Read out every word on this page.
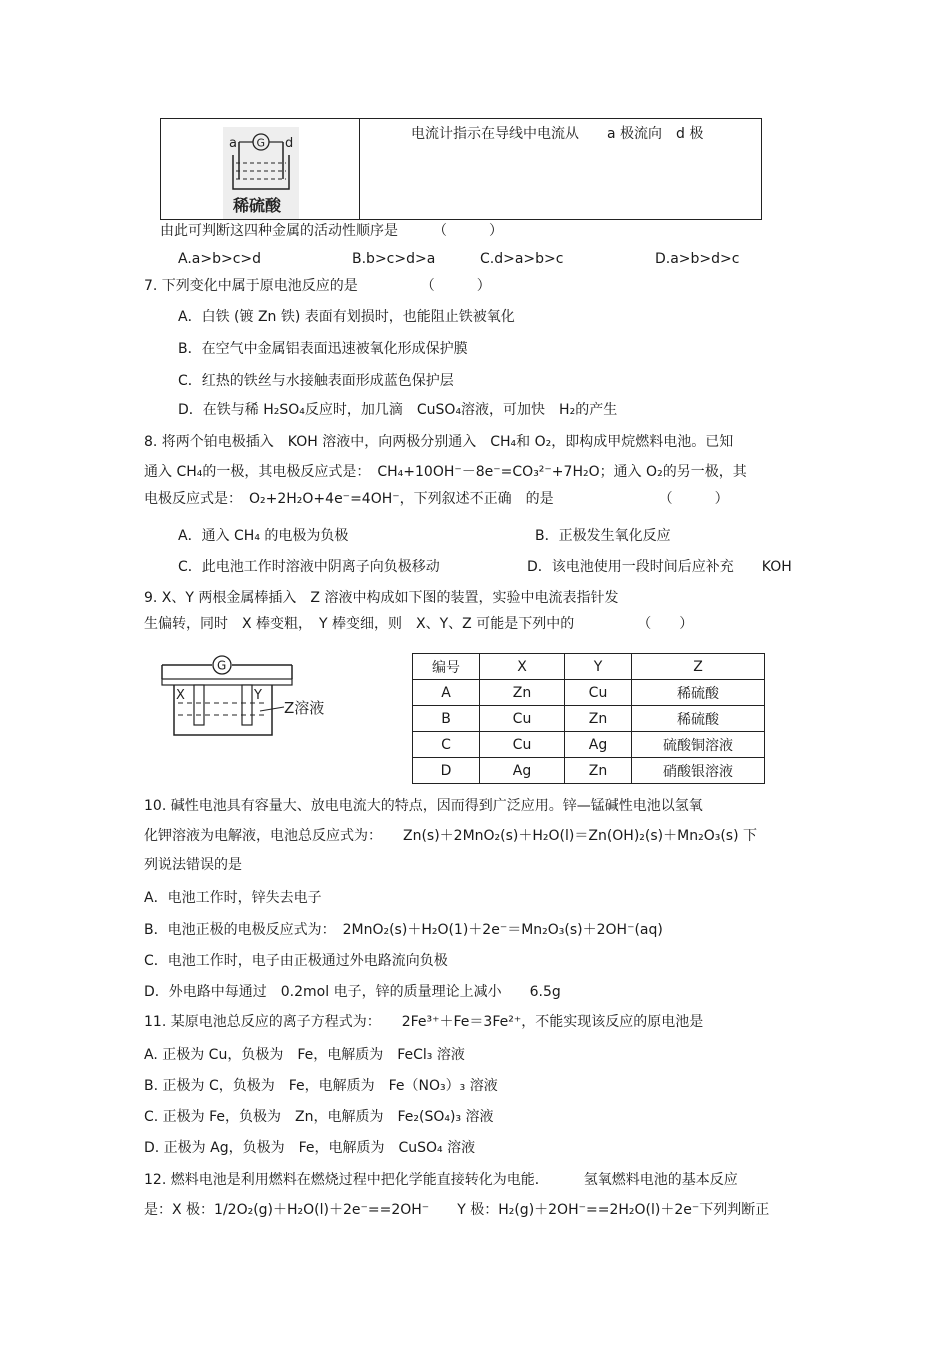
a G d
稀硫酸
电流计指示在导线中电流从　　a 极流向　d 极
由此可判断这四种金属的活动性顺序是　　　（　　　）
A.a>b>c>d	B.b>c>d>a	C.d>a>b>c	D.a>b>d>c
7. 下列变化中属于原电池反应的是　　　　　（　　　）
A．白铁 (镀 Zn 铁) 表面有划损时，也能阻止铁被氧化
B．在空气中金属铝表面迅速被氧化形成保护膜
C．红热的铁丝与水接触表面形成蓝色保护层
D．在铁与稀 H₂SO₄反应时，加几滴　CuSO₄溶液，可加快　H₂的产生
8. 将两个铂电极插入　KOH 溶液中，向两极分别通入　CH₄和 O₂，即构成甲烷燃料电池。已知
通入 CH₄的一极，其电极反应式是：　CH₄+10OH⁻－8e⁻=CO₃²⁻+7H₂O；通入 O₂的另一极，其
电极反应式是：　O₂+2H₂O+4e⁻=4OH⁻，下列叙述不正确　的是　　　　　　　　（　　　）
A．通入 CH₄ 的电极为负极	B．正极发生氧化反应
C．此电池工作时溶液中阴离子向负极移动	D．该电池使用一段时间后应补充　　KOH
9. X、Y 两根金属棒插入　Z 溶液中构成如下图的装置，实验中电流表指针发
生偏转，同时　X 棒变粗，　Y 棒变细，则　X、Y、Z 可能是下列中的　　　　　（　　）
G
X	Y
Z溶液
编号	X	Y	Z
A	Zn	Cu	稀硫酸
B	Cu	Zn	稀硫酸
C	Cu	Ag	硫酸铜溶液
D	Ag	Zn	硝酸银溶液
10. 碱性电池具有容量大、放电电流大的特点，因而得到广泛应用。锌—锰碱性电池以氢氧
化钾溶液为电解液，电池总反应式为：　　Zn(s)＋2MnO₂(s)＋H₂O(l)＝Zn(OH)₂(s)＋Mn₂O₃(s) 下
列说法错误的是
A．电池工作时，锌失去电子
B．电池正极的电极反应式为：　2MnO₂(s)＋H₂O(1)＋2e⁻＝Mn₂O₃(s)＋2OH⁻(aq)
C．电池工作时，电子由正极通过外电路流向负极
D．外电路中每通过　0.2mol 电子，锌的质量理论上减小　　6.5g
11. 某原电池总反应的离子方程式为：　　2Fe³⁺＋Fe＝3Fe²⁺，不能实现该反应的原电池是
A. 正极为 Cu，负极为　Fe，电解质为　FeCl₃ 溶液
B. 正极为 C，负极为　Fe，电解质为　Fe（NO₃）₃ 溶液
C. 正极为 Fe，负极为　Zn，电解质为　Fe₂(SO₄)₃ 溶液
D. 正极为 Ag，负极为　Fe，电解质为　CuSO₄ 溶液
12. 燃料电池是利用燃料在燃烧过程中把化学能直接转化为电能．　　　氢氧燃料电池的基本反应
是：X 极：1/2O₂(g)＋H₂O(l)＋2e⁻==2OH⁻　　Y 极：H₂(g)＋2OH⁻==2H₂O(l)＋2e⁻下列判断正
